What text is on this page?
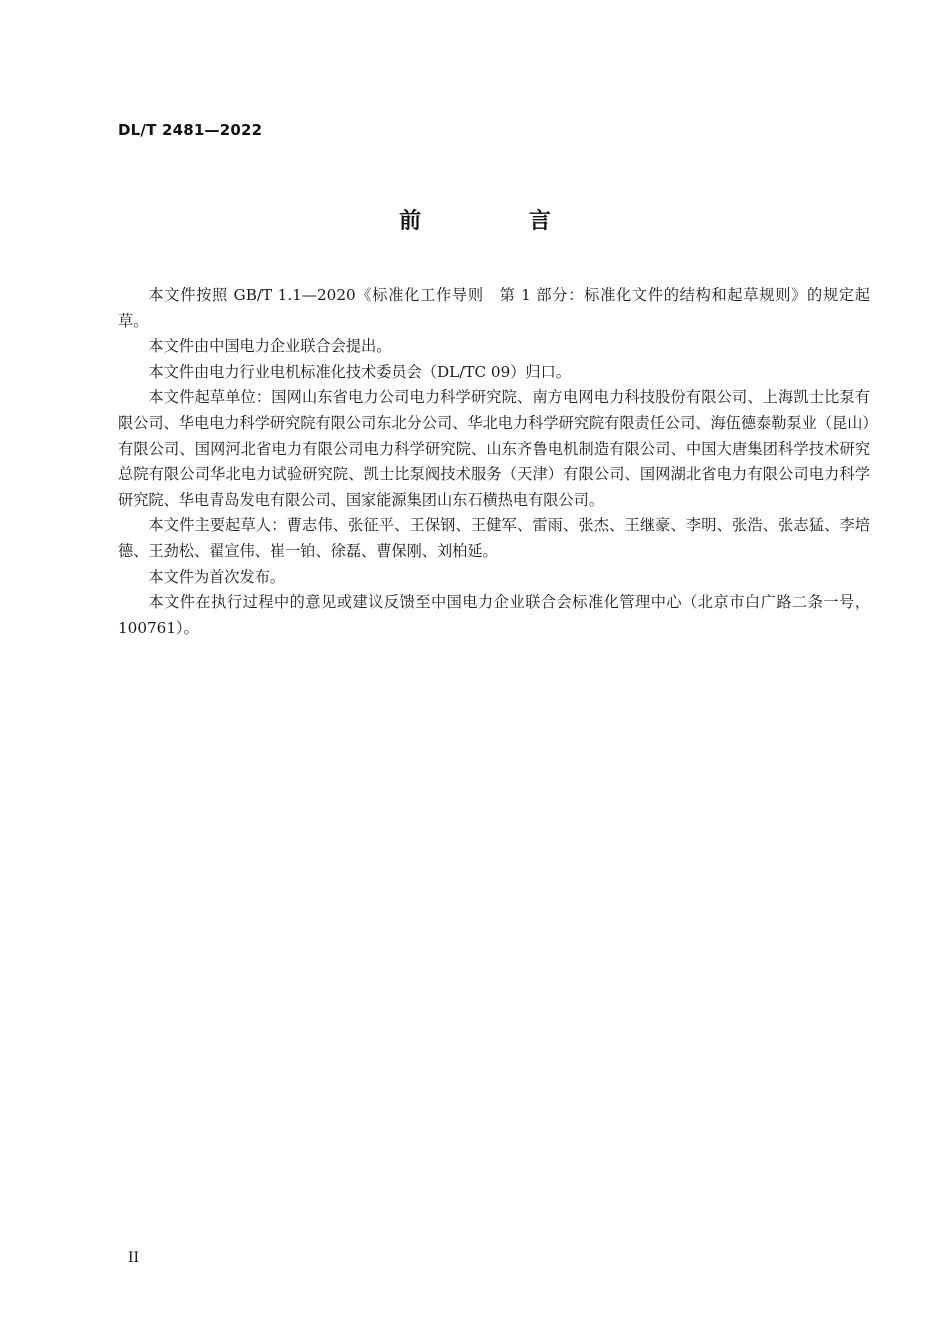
DL/T 2481—2022
前 言

本文件按照 GB/T 1.1—2020《标准化工作导则　第 1 部分：标准化文件的结构和起草规则》的规定起草。

本文件由中国电力企业联合会提出。

本文件由电力行业电机标准化技术委员会（DL/TC 09）归口。

本文件起草单位：国网山东省电力公司电力科学研究院、南方电网电力科技股份有限公司、上海凯士比泵有限公司、华电电力科学研究院有限公司东北分公司、华北电力科学研究院有限责任公司、海伍德泰勒泵业（昆山）有限公司、国网河北省电力有限公司电力科学研究院、山东齐鲁电机制造有限公司、中国大唐集团科学技术研究总院有限公司华北电力试验研究院、凯士比泵阀技术服务（天津）有限公司、国网湖北省电力有限公司电力科学研究院、华电青岛发电有限公司、国家能源集团山东石横热电有限公司。

本文件主要起草人：曹志伟、张征平、王保钢、王健军、雷雨、张杰、王继豪、李明、张浩、张志猛、李培德、王劲松、翟宣伟、崔一铂、徐磊、曹保刚、刘柏延。

本文件为首次发布。

本文件在执行过程中的意见或建议反馈至中国电力企业联合会标准化管理中心（北京市白广路二条一号，100761）。

II
